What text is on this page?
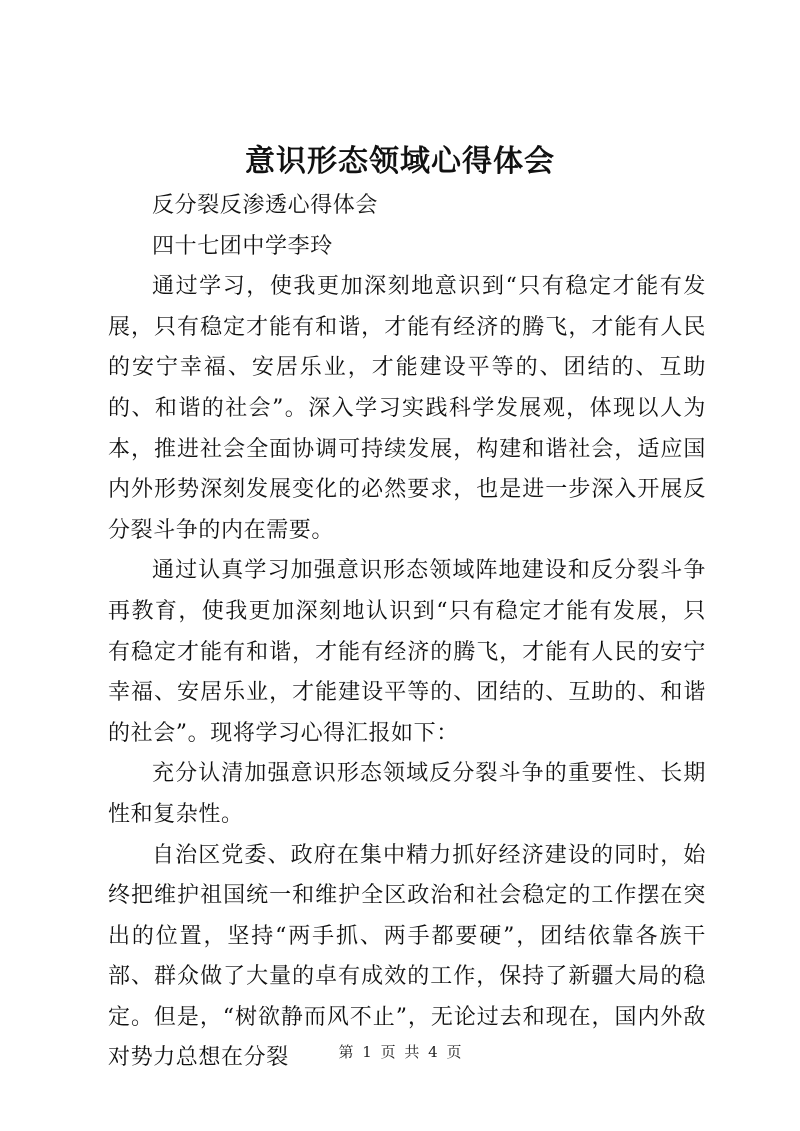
意识形态领域心得体会

反分裂反渗透心得体会

四十七团中学李玲

通过学习，使我更加深刻地意识到“只有稳定才能有发展，只有稳定才能有和谐，才能有经济的腾飞，才能有人民的安宁幸福、安居乐业，才能建设平等的、团结的、互助的、和谐的社会”。深入学习实践科学发展观，体现以人为本，推进社会全面协调可持续发展，构建和谐社会，适应国内外形势深刻发展变化的必然要求，也是进一步深入开展反分裂斗争的内在需要。

通过认真学习加强意识形态领域阵地建设和反分裂斗争再教育，使我更加深刻地认识到“只有稳定才能有发展，只有稳定才能有和谐，才能有经济的腾飞，才能有人民的安宁幸福、安居乐业，才能建设平等的、团结的、互助的、和谐的社会”。现将学习心得汇报如下：

充分认清加强意识形态领域反分裂斗争的重要性、长期性和复杂性。

自治区党委、政府在集中精力抓好经济建设的同时，始终把维护祖国统一和维护全区政治和社会稳定的工作摆在突出的位置，坚持“两手抓、两手都要硬”，团结依靠各族干部、群众做了大量的卓有成效的工作，保持了新疆大局的稳定。但是，“树欲静而风不止”，无论过去和现在，国内外敌对势力总想在分裂	第 1 页 共 4 页
